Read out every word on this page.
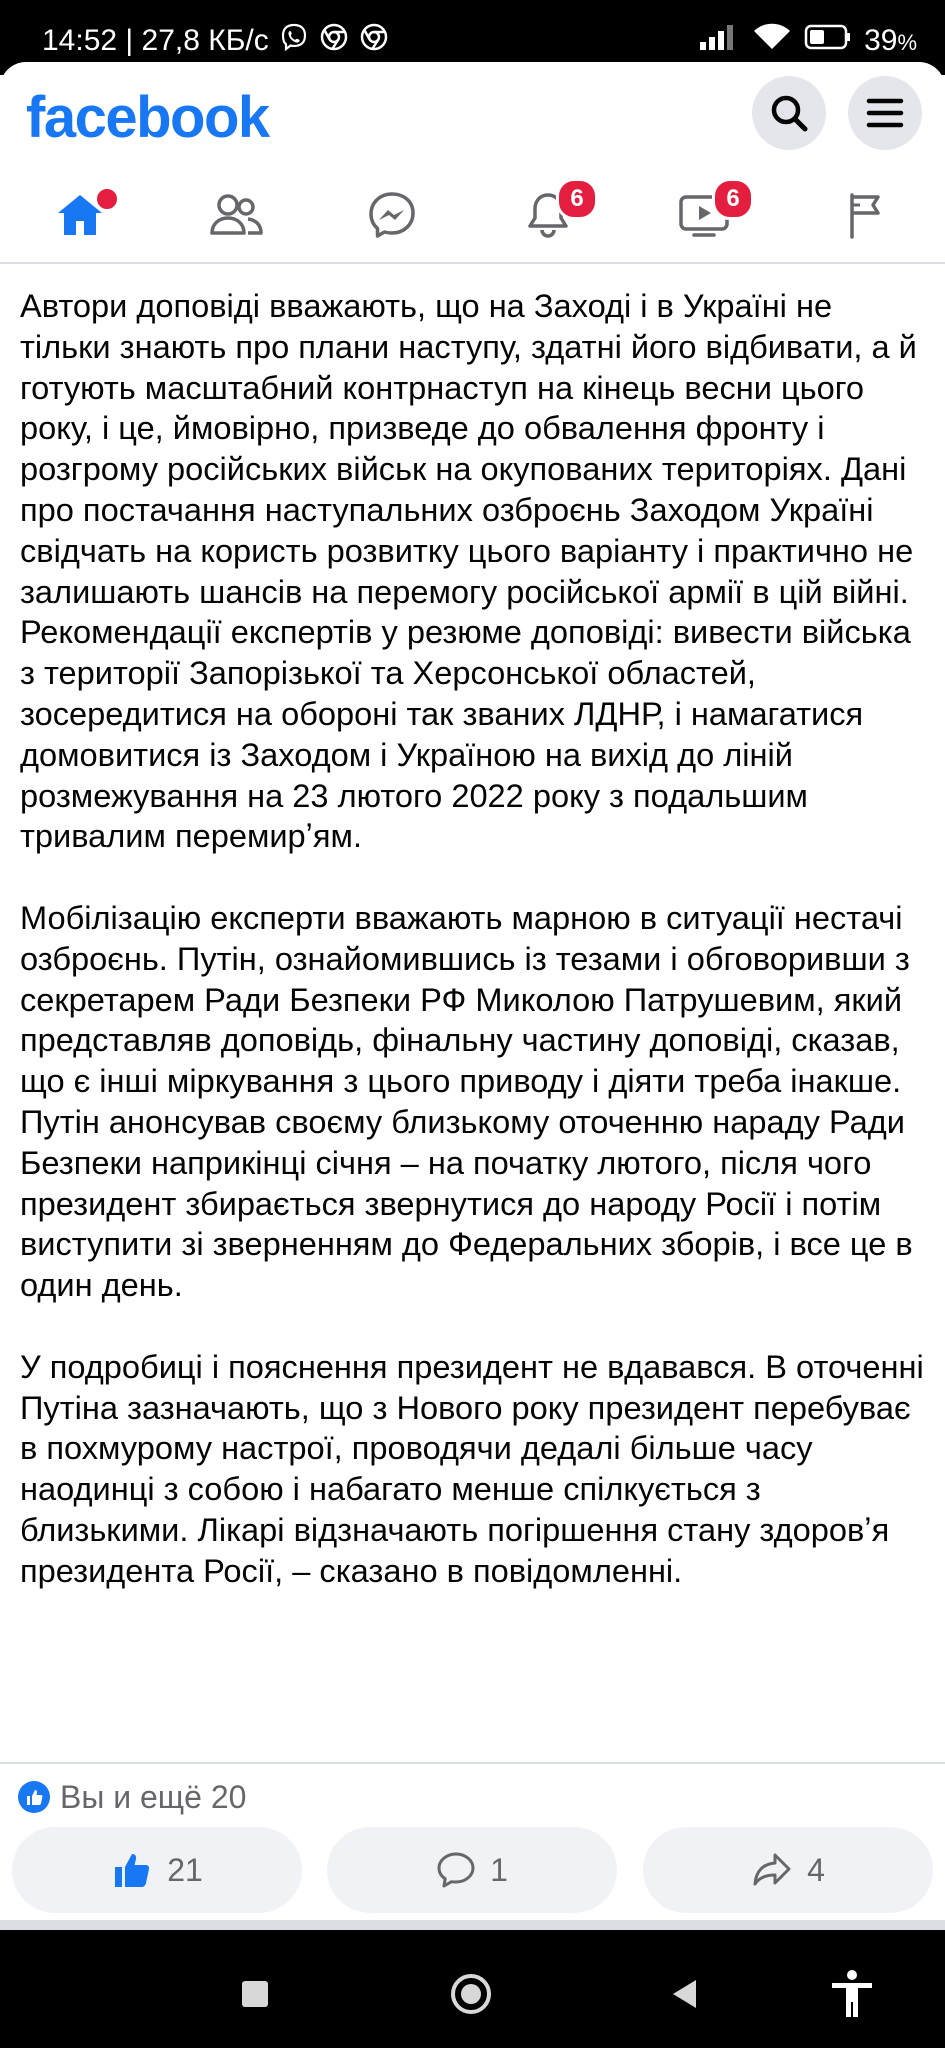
14:52 | 27,8 КБ/с	39%
facebook
6	6

Автори доповіді вважають, що на Заході і в Україні не тільки знають про плани наступу, здатні його відбивати, а й готують масштабний контрнаступ на кінець весни цього року, і це, ймовірно, призведе до обвалення фронту і розгрому російських військ на окупованих територіях. Дані про постачання наступальних озброєнь Заходом Україні свідчать на користь розвитку цього варіанту і практично не залишають шансів на перемогу російської армії в цій війні. Рекомендації експертів у резюме доповіді: вивести війська з території Запорізької та Херсонської областей, зосередитися на обороні так званих ЛДНР, і намагатися домовитися із Заходом і Україною на вихід до ліній розмежування на 23 лютого 2022 року з подальшим тривалим перемирʼям.

Мобілізацію експерти вважають марною в ситуації нестачі озброєнь. Путін, ознайомившись із тезами і обговоривши з секретарем Ради Безпеки РФ Миколою Патрушевим, який представляв доповідь, фінальну частину доповіді, сказав, що є інші міркування з цього приводу і діяти треба інакше. Путін анонсував своєму близькому оточенню нараду Ради Безпеки наприкінці січня – на початку лютого, після чого президент збирається звернутися до народу Росії і потім виступити зі зверненням до Федеральних зборів, і все це в один день.

У подробиці і пояснення президент не вдавався. В оточенні Путіна зазначають, що з Нового року президент перебуває в похмурому настрої, проводячи дедалі більше часу наодинці з собою і набагато менше спілкується з близькими. Лікарі відзначають погіршення стану здоровʼя президента Росії, – сказано в повідомленні.

Вы и ещё 20
21	1	4
